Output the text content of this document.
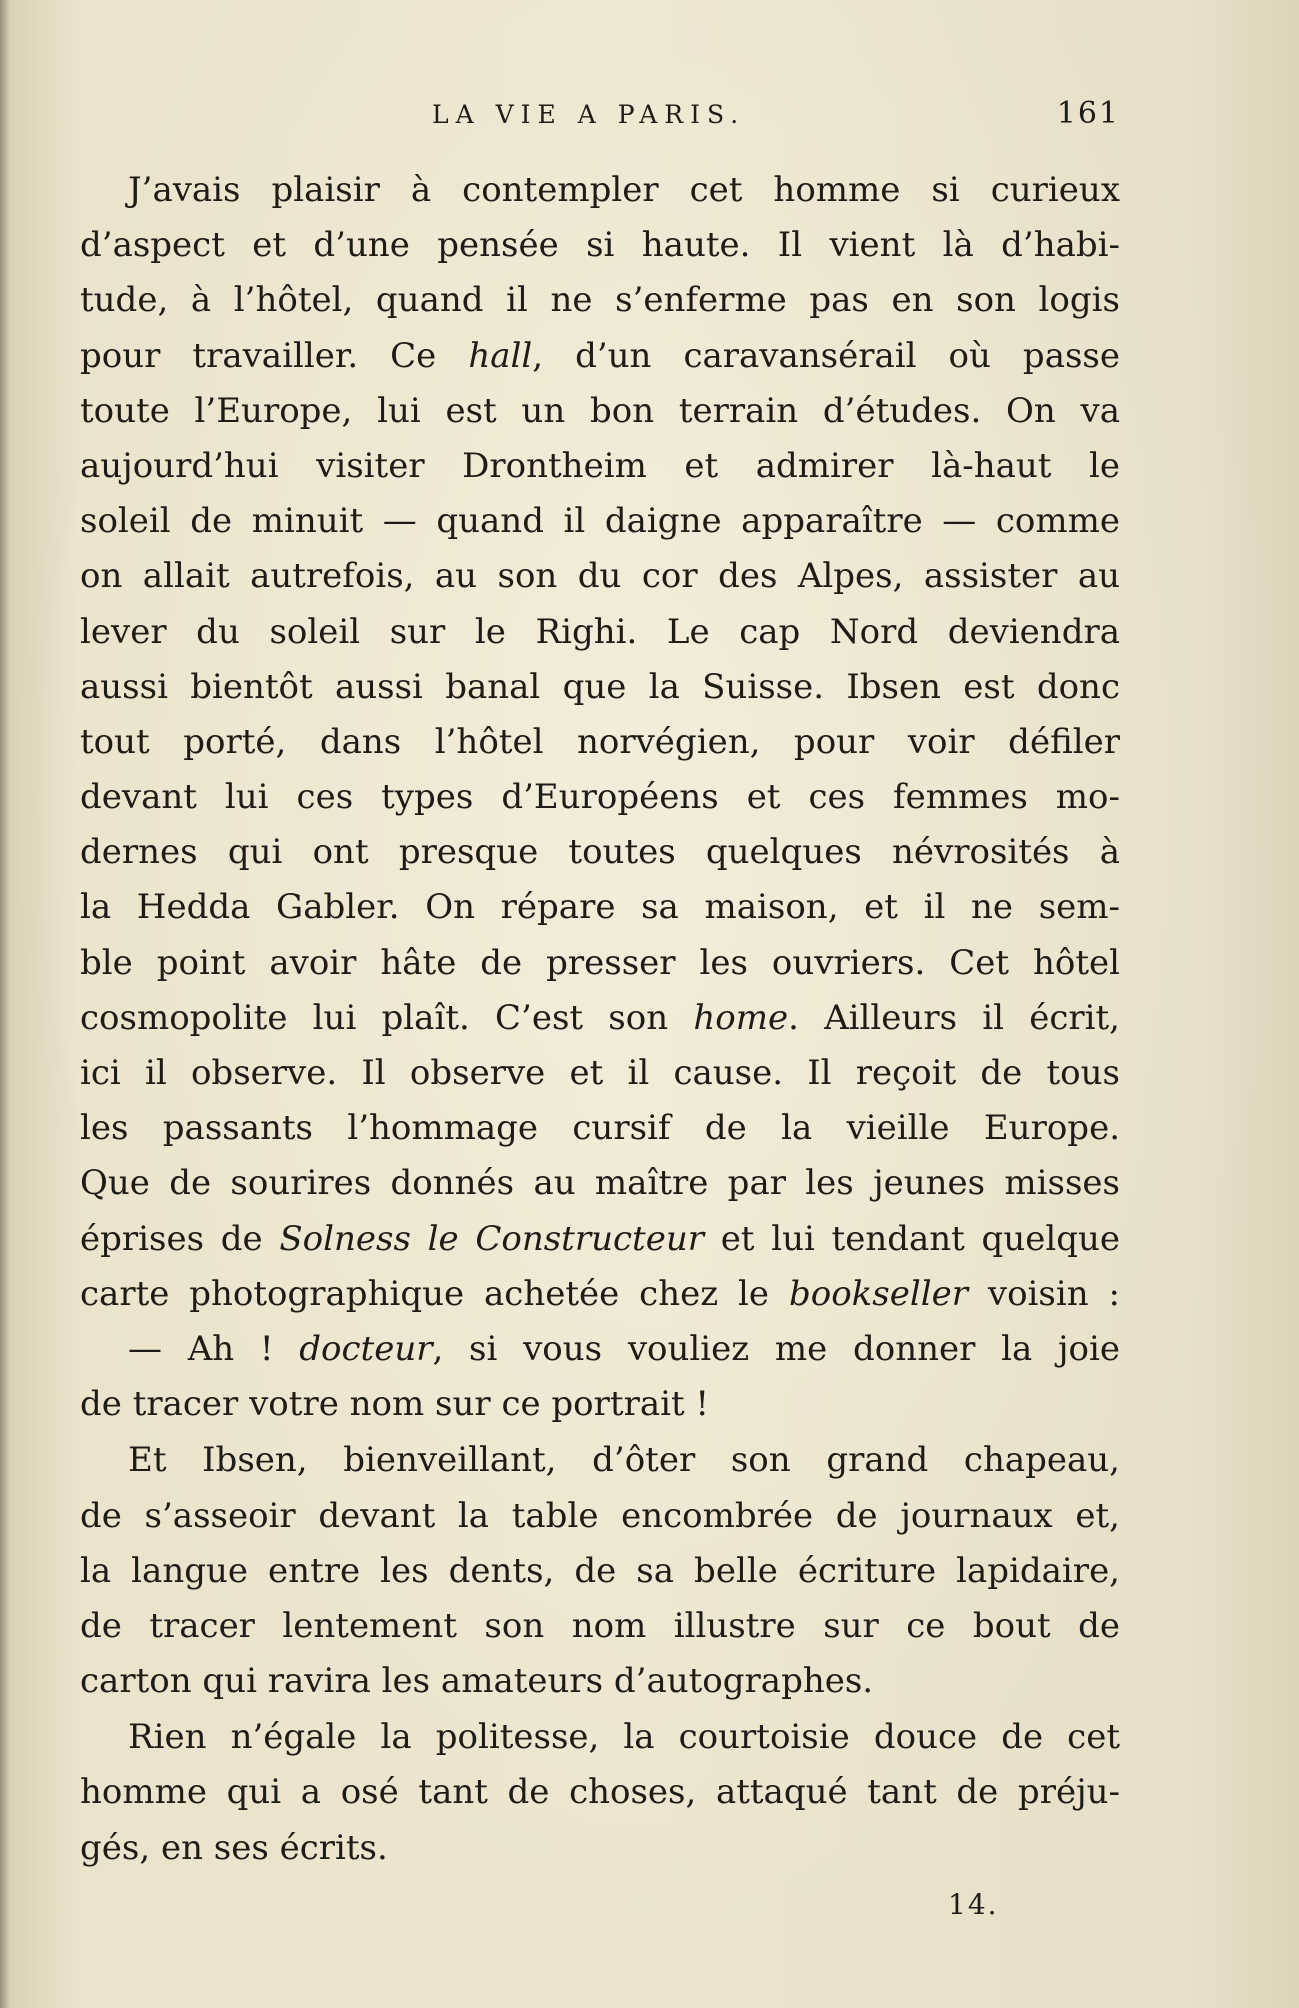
LA VIE A PARIS.	161
J’avais plaisir à contempler cet homme si curieux
d’aspect et d’une pensée si haute. Il vient là d’habi-
tude, à l’hôtel, quand il ne s’enferme pas en son logis
pour travailler. Ce hall, d’un caravansérail où passe
toute l’Europe, lui est un bon terrain d’études. On va
aujourd’hui visiter Drontheim et admirer là-haut le
soleil de minuit — quand il daigne apparaître — comme
on allait autrefois, au son du cor des Alpes, assister au
lever du soleil sur le Righi. Le cap Nord deviendra
aussi bientôt aussi banal que la Suisse. Ibsen est donc
tout porté, dans l’hôtel norvégien, pour voir défiler
devant lui ces types d’Européens et ces femmes mo-
dernes qui ont presque toutes quelques névrosités à
la Hedda Gabler. On répare sa maison, et il ne sem-
ble point avoir hâte de presser les ouvriers. Cet hôtel
cosmopolite lui plaît. C’est son home. Ailleurs il écrit,
ici il observe. Il observe et il cause. Il reçoit de tous
les passants l’hommage cursif de la vieille Europe.
Que de sourires donnés au maître par les jeunes misses
éprises de Solness le Constructeur et lui tendant quelque
carte photographique achetée chez le bookseller voisin :
— Ah ! docteur, si vous vouliez me donner la joie
de tracer votre nom sur ce portrait !
Et Ibsen, bienveillant, d’ôter son grand chapeau,
de s’asseoir devant la table encombrée de journaux et,
la langue entre les dents, de sa belle écriture lapidaire,
de tracer lentement son nom illustre sur ce bout de
carton qui ravira les amateurs d’autographes.
Rien n’égale la politesse, la courtoisie douce de cet
homme qui a osé tant de choses, attaqué tant de préju-
gés, en ses écrits.
14.
